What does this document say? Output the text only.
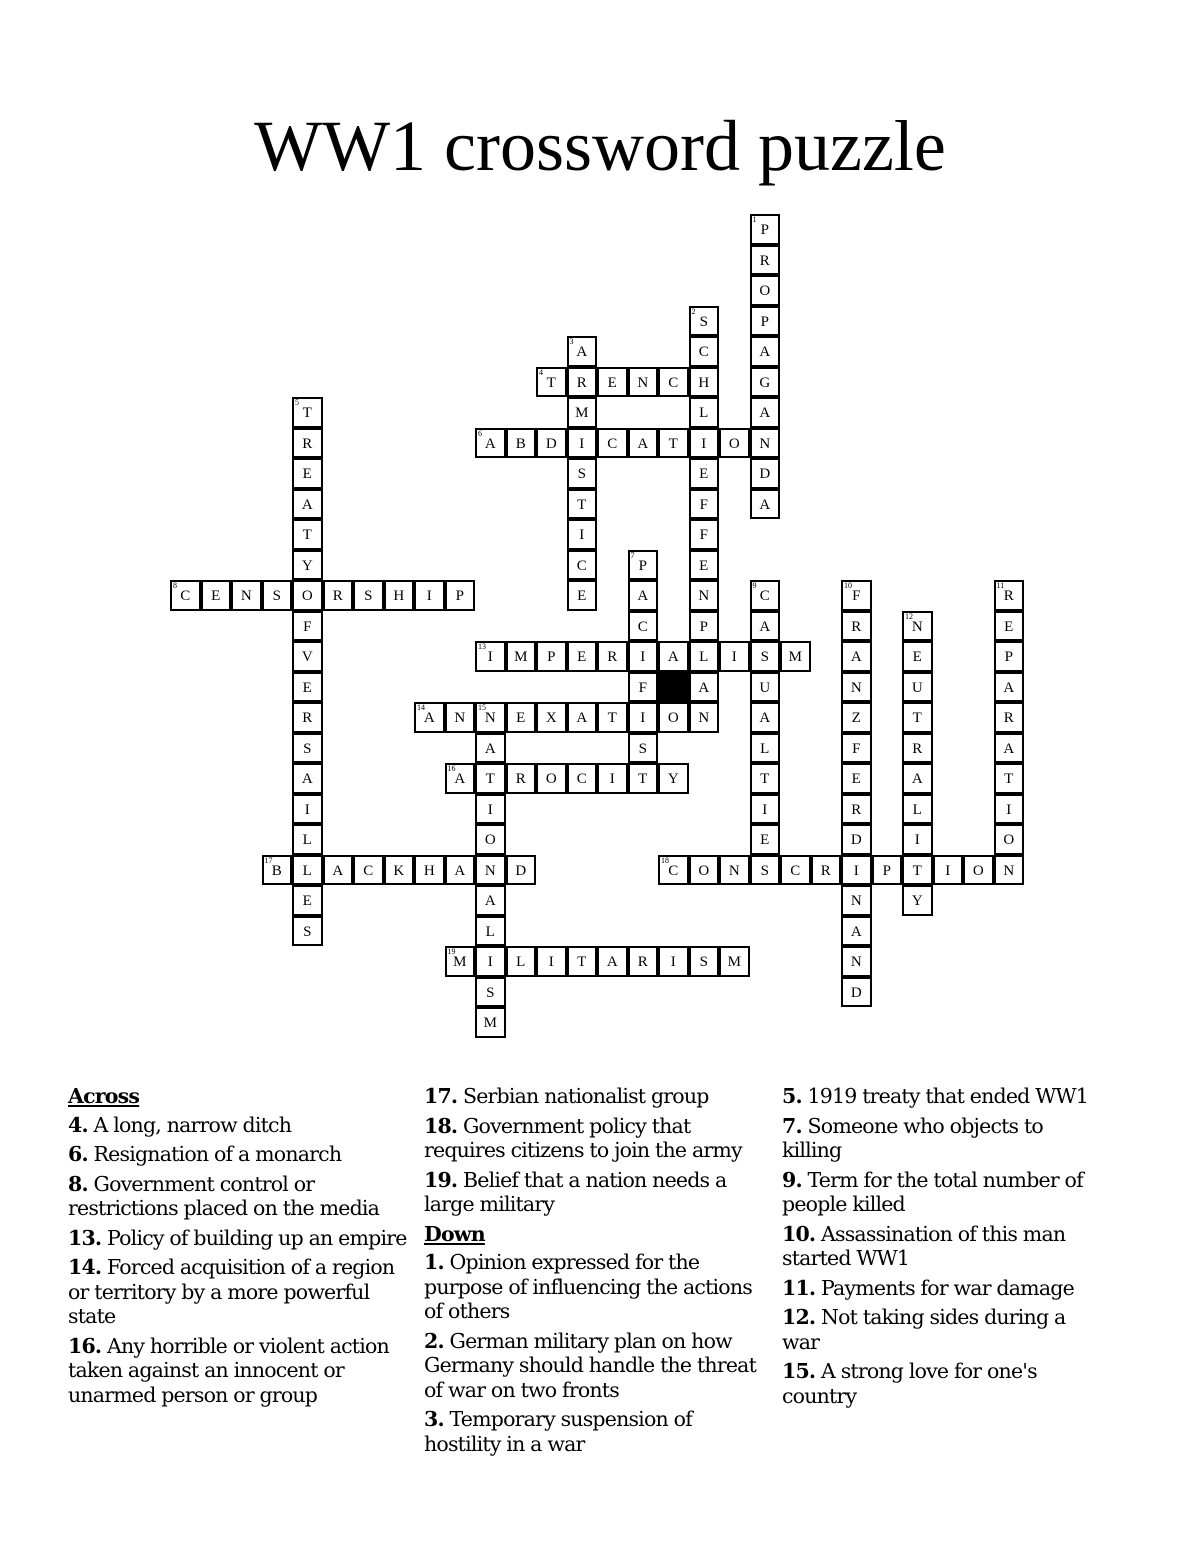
WW1 crossword puzzle
P
1
R
O
P
A
G
A
N
D
A
S
2
C
H
L
I
E
F
F
E
N
P
L
A
N
A
3
R
M
I
S
T
I
C
E
T
4
E	N	C
T
5
R
E
A
T
Y
O
F
V
E
R
S
A
I
L
L
E
S
A
6
B	D	C	A	T	O
P
7
A
C
I
F
I
S
T
C
8
E	N	S	R	S	H	I	P	C
9
A
S
U
A
L
T
I
E
S
F
10
R
A
N
Z
F
E
R
D
I
N
A
N
D
R
11
E
P
A
R
A
T
I
O
N
N
12
E
U
T
R
A
L
I
T
Y
I
13
M	P	E	R	A	I	M
A
14
N	N
15
E	X	A	T	O
A
T
I
O
N
A
L
I
S
M
A
16
R	O	C	I	Y
B
17
A	C	K	H	A	D	C
18
O	N	C	R	P	I	O
M
19
L	I	T	A	R	I	S	M
Across
4. A long, narrow ditch
6. Resignation of a monarch
8. Government control or restrictions placed on the media
13. Policy of building up an empire
14. Forced acquisition of a region or territory by a more powerful state
16. Any horrible or violent action taken against an innocent or unarmed person or group
17. Serbian nationalist group
18. Government policy that requires citizens to join the army
19. Belief that a nation needs a large military
Down
1. Opinion expressed for the purpose of influencing the actions of others
2. German military plan on how Germany should handle the threat of war on two fronts
3. Temporary suspension of hostility in a war
5. 1919 treaty that ended WW1
7. Someone who objects to killing
9. Term for the total number of people killed
10. Assassination of this man started WW1
11. Payments for war damage
12. Not taking sides during a war
15. A strong love for one's country
